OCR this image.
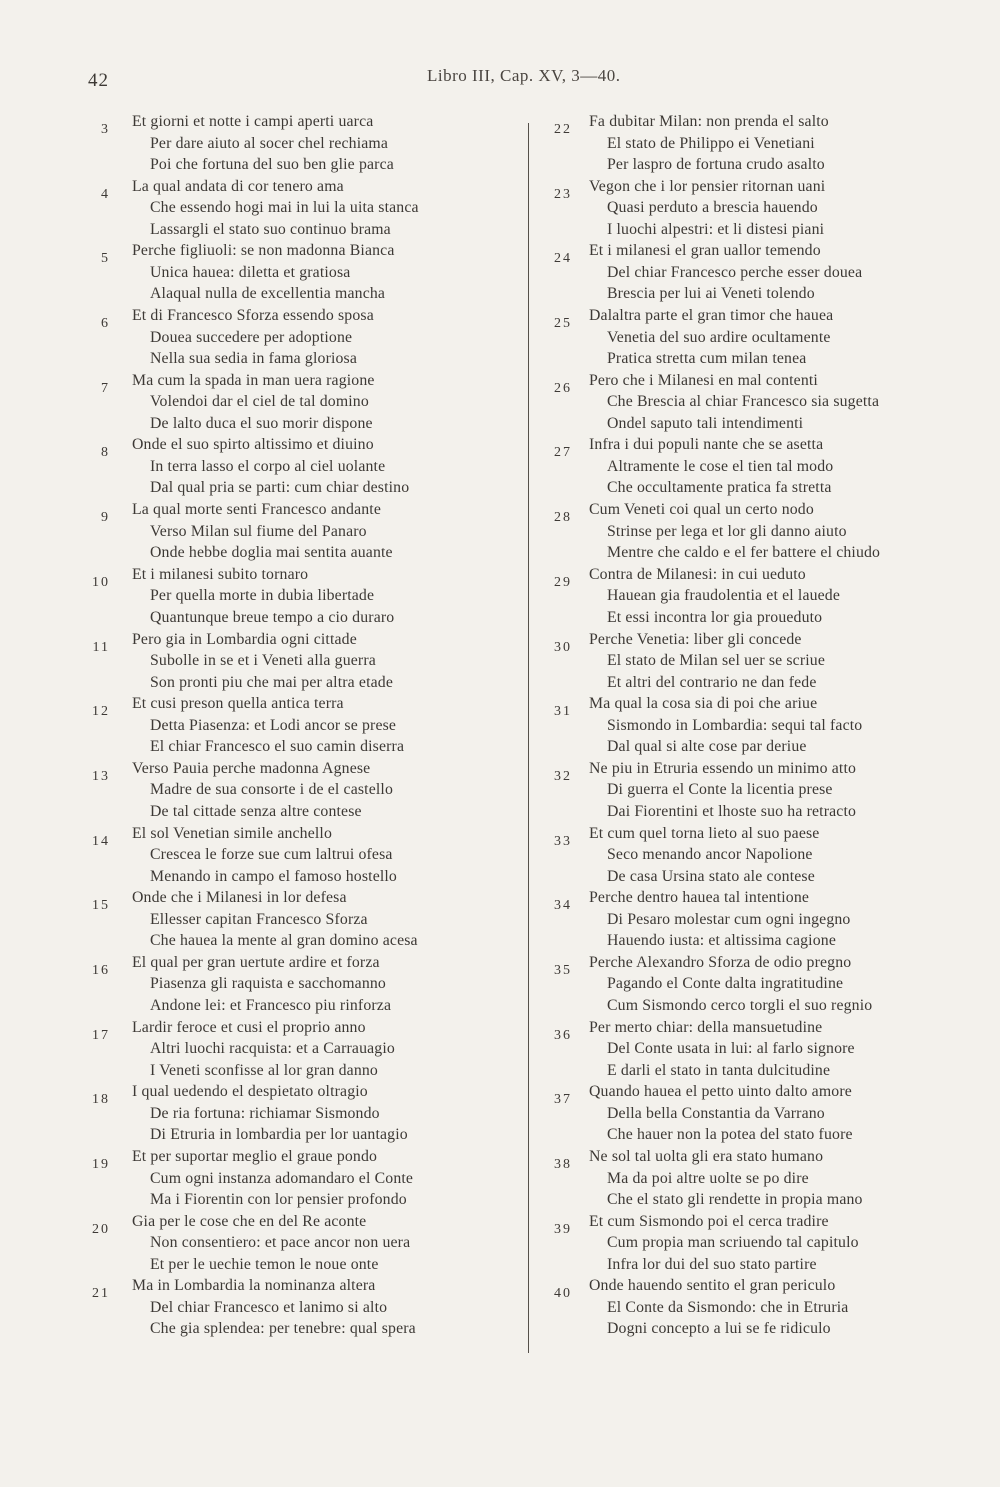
42	Libro III, Cap. XV, 3—40.
3 Et giorni et notte i campi aperti uarca
Per dare aiuto al socer chel rechiama
Poi che fortuna del suo ben glie parca
4 La qual andata di cor tenero ama
Che essendo hogi mai in lui la uita stanca
Lassargli el stato suo continuo brama
5 Perche figliuoli: se non madonna Bianca
Unica hauea: diletta et gratiosa
Alaqual nulla de excellentia mancha
6 Et di Francesco Sforza essendo sposa
Douea succedere per adoptione
Nella sua sedia in fama gloriosa
7 Ma cum la spada in man uera ragione
Volendoi dar el ciel de tal domino
De lalto duca el suo morir dispone
8 Onde el suo spirto altissimo et diuino
In terra lasso el corpo al ciel uolante
Dal qual pria se parti: cum chiar destino
9 La qual morte senti Francesco andante
Verso Milan sul fiume del Panaro
Onde hebbe doglia mai sentita auante
10 Et i milanesi subito tornaro
Per quella morte in dubia libertade
Quantunque breue tempo a cio duraro
11 Pero gia in Lombardia ogni cittade
Subolle in se et i Veneti alla guerra
Son pronti piu che mai per altra etade
12 Et cusi preson quella antica terra
Detta Piasenza: et Lodi ancor se prese
El chiar Francesco el suo camin diserra
13 Verso Pauia perche madonna Agnese
Madre de sua consorte i de el castello
De tal cittade senza altre contese
14 El sol Venetian simile anchello
Crescea le forze sue cum laltrui ofesa
Menando in campo el famoso hostello
15 Onde che i Milanesi in lor defesa
Ellesser capitan Francesco Sforza
Che hauea la mente al gran domino acesa
16 El qual per gran uertute ardire et forza
Piasenza gli raquista e sacchomanno
Andone lei: et Francesco piu rinforza
17 Lardir feroce et cusi el proprio anno
Altri luochi racquista: et a Carrauagio
I Veneti sconfisse al lor gran danno
18 I qual uedendo el despietato oltragio
De ria fortuna: richiamar Sismondo
Di Etruria in lombardia per lor uantagio
19 Et per suportar meglio el graue pondo
Cum ogni instanza adomandaro el Conte
Ma i Fiorentin con lor pensier profondo
20 Gia per le cose che en del Re aconte
Non consentiero: et pace ancor non uera
Et per le uechie temon le noue onte
21 Ma in Lombardia la nominanza altera
Del chiar Francesco et lanimo si alto
Che gia splendea: per tenebre: qual spera
22 Fa dubitar Milan: non prenda el salto
El stato de Philippo ei Venetiani
Per laspro de fortuna crudo asalto
23 Vegon che i lor pensier ritornan uani
Quasi perduto a brescia hauendo
I luochi alpestri: et li distesi piani
24 Et i milanesi el gran uallor temendo
Del chiar Francesco perche esser douea
Brescia per lui ai Veneti tolendo
25 Dalaltra parte el gran timor che hauea
Venetia del suo ardire ocultamente
Pratica stretta cum milan tenea
26 Pero che i Milanesi en mal contenti
Che Brescia al chiar Francesco sia sugetta
Ondel saputo tali intendimenti
27 Infra i dui populi nante che se asetta
Altramente le cose el tien tal modo
Che occultamente pratica fa stretta
28 Cum Veneti coi qual un certo nodo
Strinse per lega et lor gli danno aiuto
Mentre che caldo e el fer battere el chiudo
29 Contra de Milanesi: in cui ueduto
Hauean gia fraudolentia et el lauede
Et essi incontra lor gia proueduto
30 Perche Venetia: liber gli concede
El stato de Milan sel uer se scriue
Et altri del contrario ne dan fede
31 Ma qual la cosa sia di poi che ariue
Sismondo in Lombardia: sequi tal facto
Dal qual si alte cose par deriue
32 Ne piu in Etruria essendo un minimo atto
Di guerra el Conte la licentia prese
Dai Fiorentini et lhoste suo ha retracto
33 Et cum quel torna lieto al suo paese
Seco menando ancor Napolione
De casa Ursina stato ale contese
34 Perche dentro hauea tal intentione
Di Pesaro molestar cum ogni ingegno
Hauendo iusta: et altissima cagione
35 Perche Alexandro Sforza de odio pregno
Pagando el Conte dalta ingratitudine
Cum Sismondo cerco torgli el suo regnio
36 Per merto chiar: della mansuetudine
Del Conte usata in lui: al farlo signore
E darli el stato in tanta dulcitudine
37 Quando hauea el petto uinto dalto amore
Della bella Constantia da Varrano
Che hauer non la potea del stato fuore
38 Ne sol tal uolta gli era stato humano
Ma da poi altre uolte se po dire
Che el stato gli rendette in propia mano
39 Et cum Sismondo poi el cerca tradire
Cum propia man scriuendo tal capitulo
Infra lor dui del suo stato partire
40 Onde hauendo sentito el gran periculo
El Conte da Sismondo: che in Etruria
Dogni concepto a lui se fe ridiculo
